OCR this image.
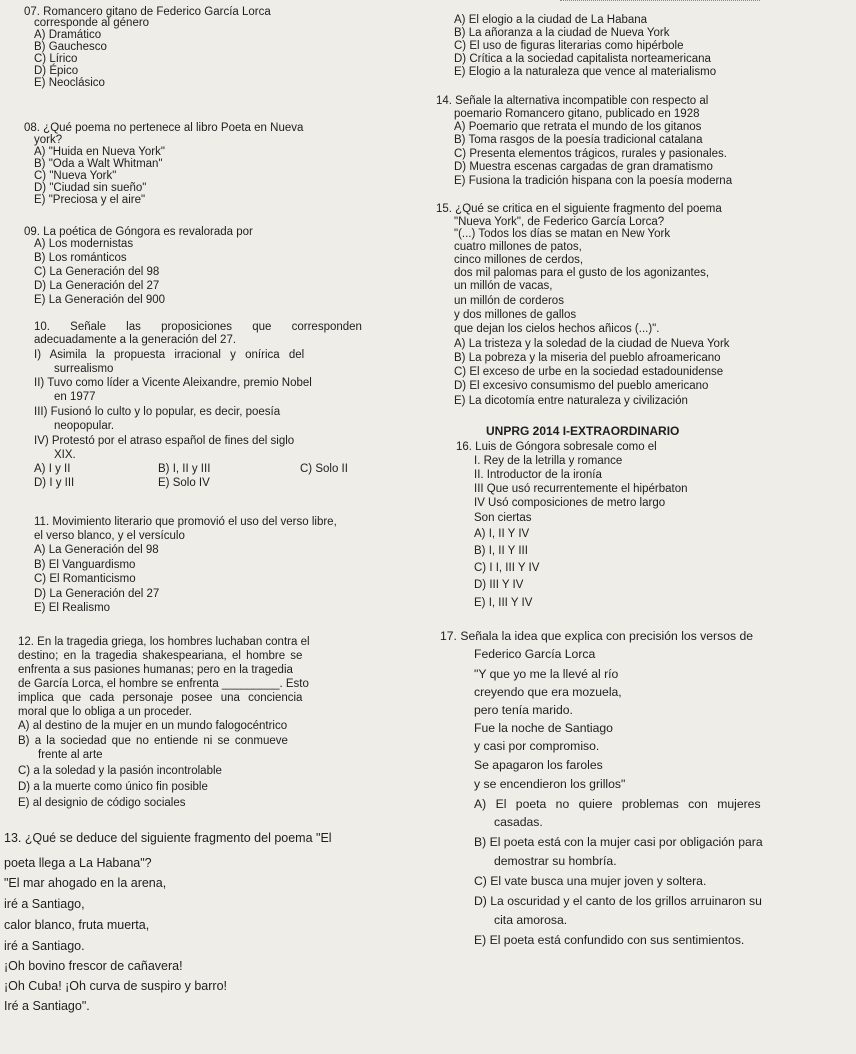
07. Romancero gitano de Federico García Lorca
corresponde al género
A) Dramático
B) Gauchesco
C) Lírico
D) Épico
E) Neoclásico
08. ¿Qué poema no pertenece al libro Poeta en Nueva
york?
A) "Huida en Nueva York"
B) "Oda a Walt Whitman"
C) "Nueva York"
D) "Ciudad sin sueño"
E) "Preciosa y el aire"
09. La poética de Góngora es revalorada por
A) Los modernistas
B) Los románticos
C) La Generación del 98
D) La Generación del 27
E) La Generación del 900
10. Señale las proposiciones que corresponden
adecuadamente a la generación del 27.
I) Asimila la propuesta irracional y onírica del
surrealismo
II) Tuvo como líder a Vicente Aleixandre, premio Nobel
en 1977
III) Fusionó lo culto y lo popular, es decir, poesía
neopopular.
IV) Protestó por el atraso español de fines del siglo
XIX.
A) I y II	B) I, II y III	C) Solo II
D) I y III	E) Solo IV
11. Movimiento literario que promovió el uso del verso libre,
el verso blanco, y el versículo
A) La Generación del 98
B) El Vanguardismo
C) El Romanticismo
D) La Generación del 27
E) El Realismo
12. En la tragedia griega, los hombres luchaban contra el
destino; en la tragedia shakespeariana, el hombre se
enfrenta a sus pasiones humanas; pero en la tragedia
de García Lorca, el hombre se enfrenta _________. Esto
implica que cada personaje posee una conciencia
moral que lo obliga a un proceder.
A) al destino de la mujer en un mundo falogocéntrico
B) a la sociedad que no entiende ni se conmueve
frente al arte
C) a la soledad y la pasión incontrolable
D) a la muerte como único fin posible
E) al designio de código sociales
13. ¿Qué se deduce del siguiente fragmento del poema "El
poeta llega a La Habana"?
"El mar ahogado en la arena,
iré a Santiago,
calor blanco, fruta muerta,
iré a Santiago.
¡Oh bovino frescor de cañavera!
¡Oh Cuba! ¡Oh curva de suspiro y barro!
Iré a Santiago".
A) El elogio a la ciudad de La Habana
B) La añoranza a la ciudad de Nueva York
C) El uso de figuras literarias como hipérbole
D) Crítica a la sociedad capitalista norteamericana
E) Elogio a la naturaleza que vence al materialismo
14. Señale la alternativa incompatible con respecto al
poemario Romancero gitano, publicado en 1928
A) Poemario que retrata el mundo de los gitanos
B) Toma rasgos de la poesía tradicional catalana
C) Presenta elementos trágicos, rurales y pasionales.
D) Muestra escenas cargadas de gran dramatismo
E) Fusiona la tradición hispana con la poesía moderna
15. ¿Qué se critica en el siguiente fragmento del poema
"Nueva York", de Federico García Lorca?
"(...) Todos los días se matan en New York
cuatro millones de patos,
cinco millones de cerdos,
dos mil palomas para el gusto de los agonizantes,
un millón de vacas,
un millón de corderos
y dos millones de gallos
que dejan los cielos hechos añicos (...)".
A) La tristeza y la soledad de la ciudad de Nueva York
B) La pobreza y la miseria del pueblo afroamericano
C) El exceso de urbe en la sociedad estadounidense
D) El excesivo consumismo del pueblo americano
E) La dicotomía entre naturaleza y civilización
UNPRG 2014 I-EXTRAORDINARIO
16. Luis de Góngora sobresale como el
I. Rey de la letrilla y romance
II. Introductor de la ironía
III Que usó recurrentemente el hipérbaton
IV Usó composiciones de metro largo
Son ciertas
A) I, II Y IV
B) I, II Y III
C) I I, III Y IV
D) III Y IV
E) I, III Y IV
17. Señala la idea que explica con precisión los versos de
Federico García Lorca
"Y que yo me la llevé al río
creyendo que era mozuela,
pero tenía marido.
Fue la noche de Santiago
y casi por compromiso.
Se apagaron los faroles
y se encendieron los grillos"
A) El poeta no quiere problemas con mujeres
casadas.
B) El poeta está con la mujer casi por obligación para
demostrar su hombría.
C) El vate busca una mujer joven y soltera.
D) La oscuridad y el canto de los grillos arruinaron su
cita amorosa.
E) El poeta está confundido con sus sentimientos.
